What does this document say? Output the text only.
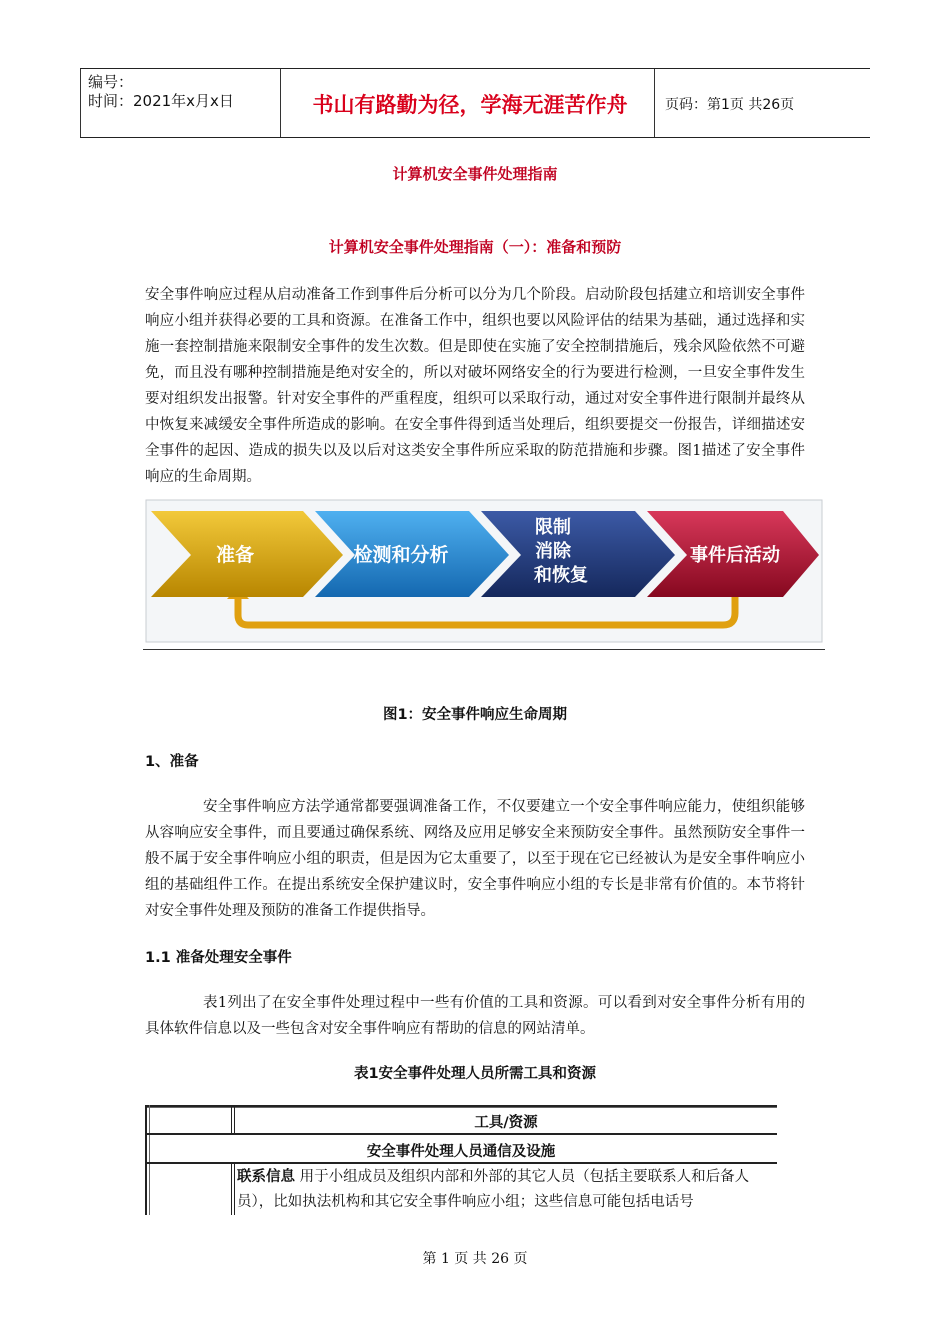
编号：
时间：2021年x月x日	书山有路勤为径，学海无涯苦作舟	页码：第1页 共26页
计算机安全事件处理指南
计算机安全事件处理指南（一）：准备和预防

安全事件响应过程从启动准备工作到事件后分析可以分为几个阶段。启动阶段包括建立和培训安全事件响应小组并获得必要的工具和资源。在准备工作中，组织也要以风险评估的结果为基础，通过选择和实施一套控制措施来限制安全事件的发生次数。但是即使在实施了安全控制措施后，残余风险依然不可避免，而且没有哪种控制措施是绝对安全的，所以对破坏网络安全的行为要进行检测，一旦安全事件发生要对组织发出报警。针对安全事件的严重程度，组织可以采取行动，通过对安全事件进行限制并最终从中恢复来减缓安全事件所造成的影响。在安全事件得到适当处理后，组织要提交一份报告，详细描述安全事件的起因、造成的损失以及以后对这类安全事件所应采取的防范措施和步骤。图1描述了安全事件响应的生命周期。

准备	检测和分析
限制
消除
和恢复
事件后活动
图1：安全事件响应生命周期
1、准备

安全事件响应方法学通常都要强调准备工作，不仅要建立一个安全事件响应能力，使组织能够从容响应安全事件，而且要通过确保系统、网络及应用足够安全来预防安全事件。虽然预防安全事件一般不属于安全事件响应小组的职责，但是因为它太重要了，以至于现在它已经被认为是安全事件响应小组的基础组件工作。在提出系统安全保护建议时，安全事件响应小组的专长是非常有价值的。本节将针对安全事件处理及预防的准备工作提供指导。

1.1 准备处理安全事件

表1列出了在安全事件处理过程中一些有价值的工具和资源。可以看到对安全事件分析有用的具体软件信息以及一些包含对安全事件响应有帮助的信息的网站清单。

表1安全事件处理人员所需工具和资源
工具/资源
安全事件处理人员通信及设施
联系信息 用于小组成员及组织内部和外部的其它人员（包括主要联系人和后备人员），比如执法机构和其它安全事件响应小组；这些信息可能包括电话号
第 1 页 共 26 页
